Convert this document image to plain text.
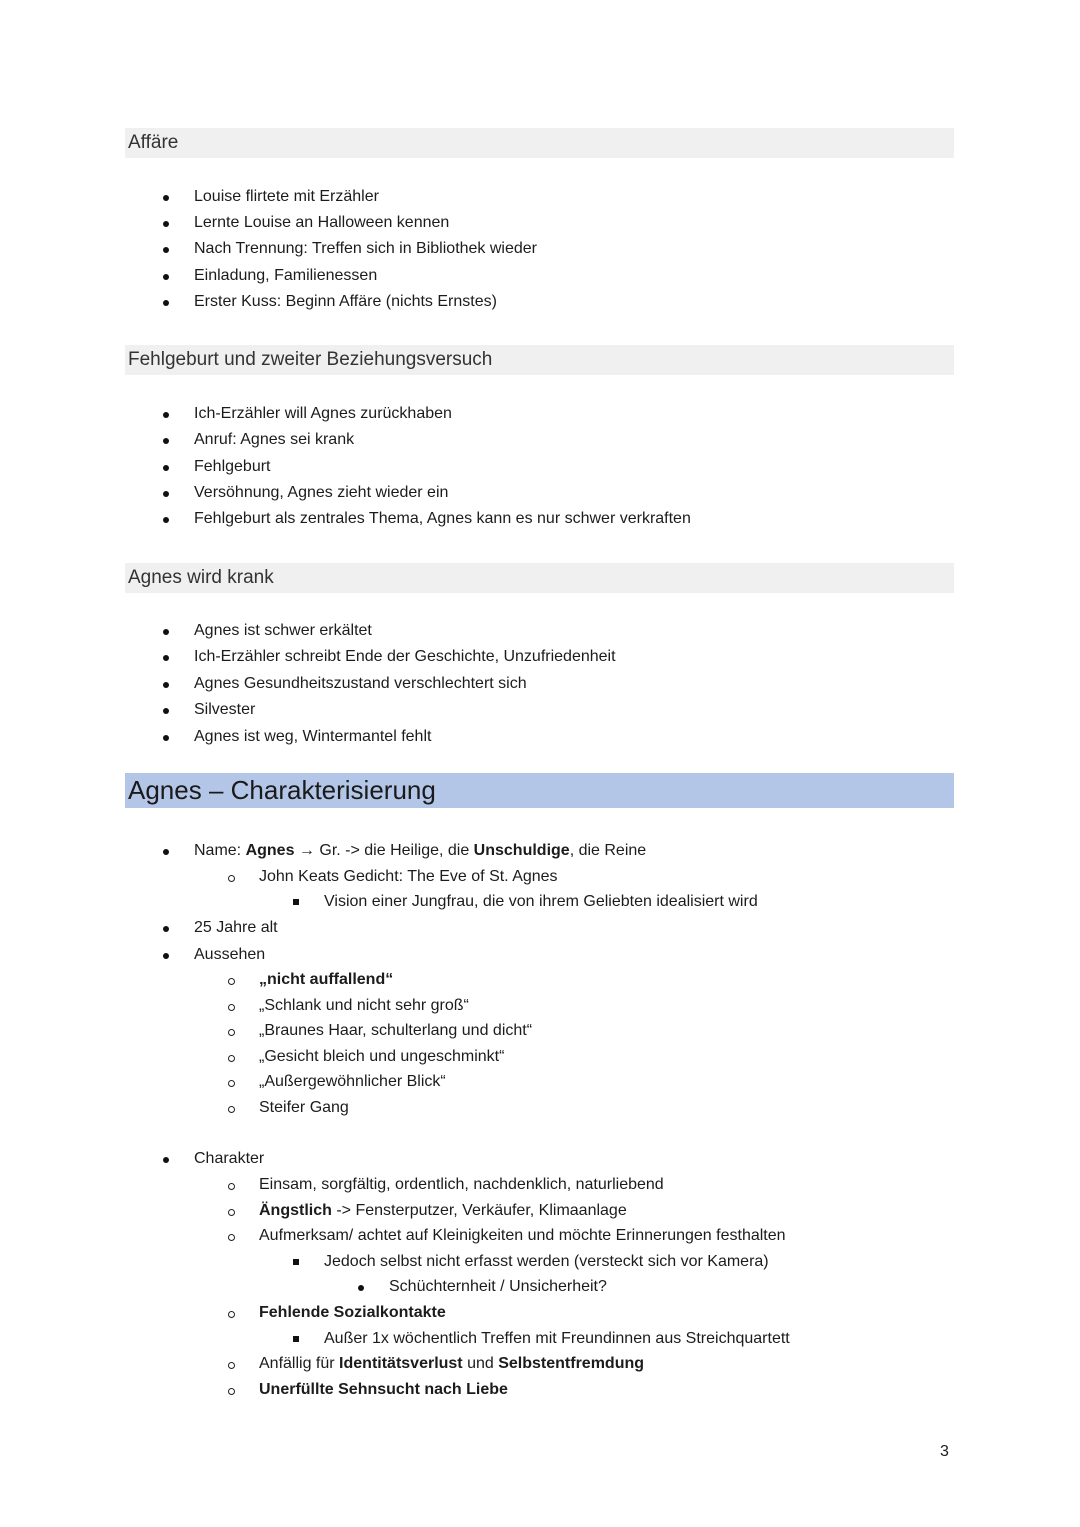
Affäre
Louise flirtete mit Erzähler
Lernte Louise an Halloween kennen
Nach Trennung: Treffen sich in Bibliothek wieder
Einladung, Familienessen
Erster Kuss: Beginn Affäre (nichts Ernstes)
Fehlgeburt und zweiter Beziehungsversuch
Ich-Erzähler will Agnes zurückhaben
Anruf: Agnes sei krank
Fehlgeburt
Versöhnung, Agnes zieht wieder ein
Fehlgeburt als zentrales Thema, Agnes kann es nur schwer verkraften
Agnes wird krank
Agnes ist schwer erkältet
Ich-Erzähler schreibt Ende der Geschichte, Unzufriedenheit
Agnes Gesundheitszustand verschlechtert sich
Silvester
Agnes ist weg, Wintermantel fehlt
Agnes – Charakterisierung
Name: Agnes → Gr. -> die Heilige, die Unschuldige, die Reine
John Keats Gedicht: The Eve of St. Agnes
Vision einer Jungfrau, die von ihrem Geliebten idealisiert wird
25 Jahre alt
Aussehen
„nicht auffallend“
„Schlank und nicht sehr groß“
„Braunes Haar, schulterlang und dicht“
„Gesicht bleich und ungeschminkt“
„Außergewöhnlicher Blick“
Steifer Gang
Charakter
Einsam, sorgfältig, ordentlich, nachdenklich, naturliebend
Ängstlich -> Fensterputzer, Verkäufer, Klimaanlage
Aufmerksam/ achtet auf Kleinigkeiten und möchte Erinnerungen festhalten
Jedoch selbst nicht erfasst werden (versteckt sich vor Kamera)
Schüchternheit / Unsicherheit?
Fehlende Sozialkontakte
Außer 1x wöchentlich Treffen mit Freundinnen aus Streichquartett
Anfällig für Identitätsverlust und Selbstentfremdung
Unerfüllte Sehnsucht nach Liebe
3
